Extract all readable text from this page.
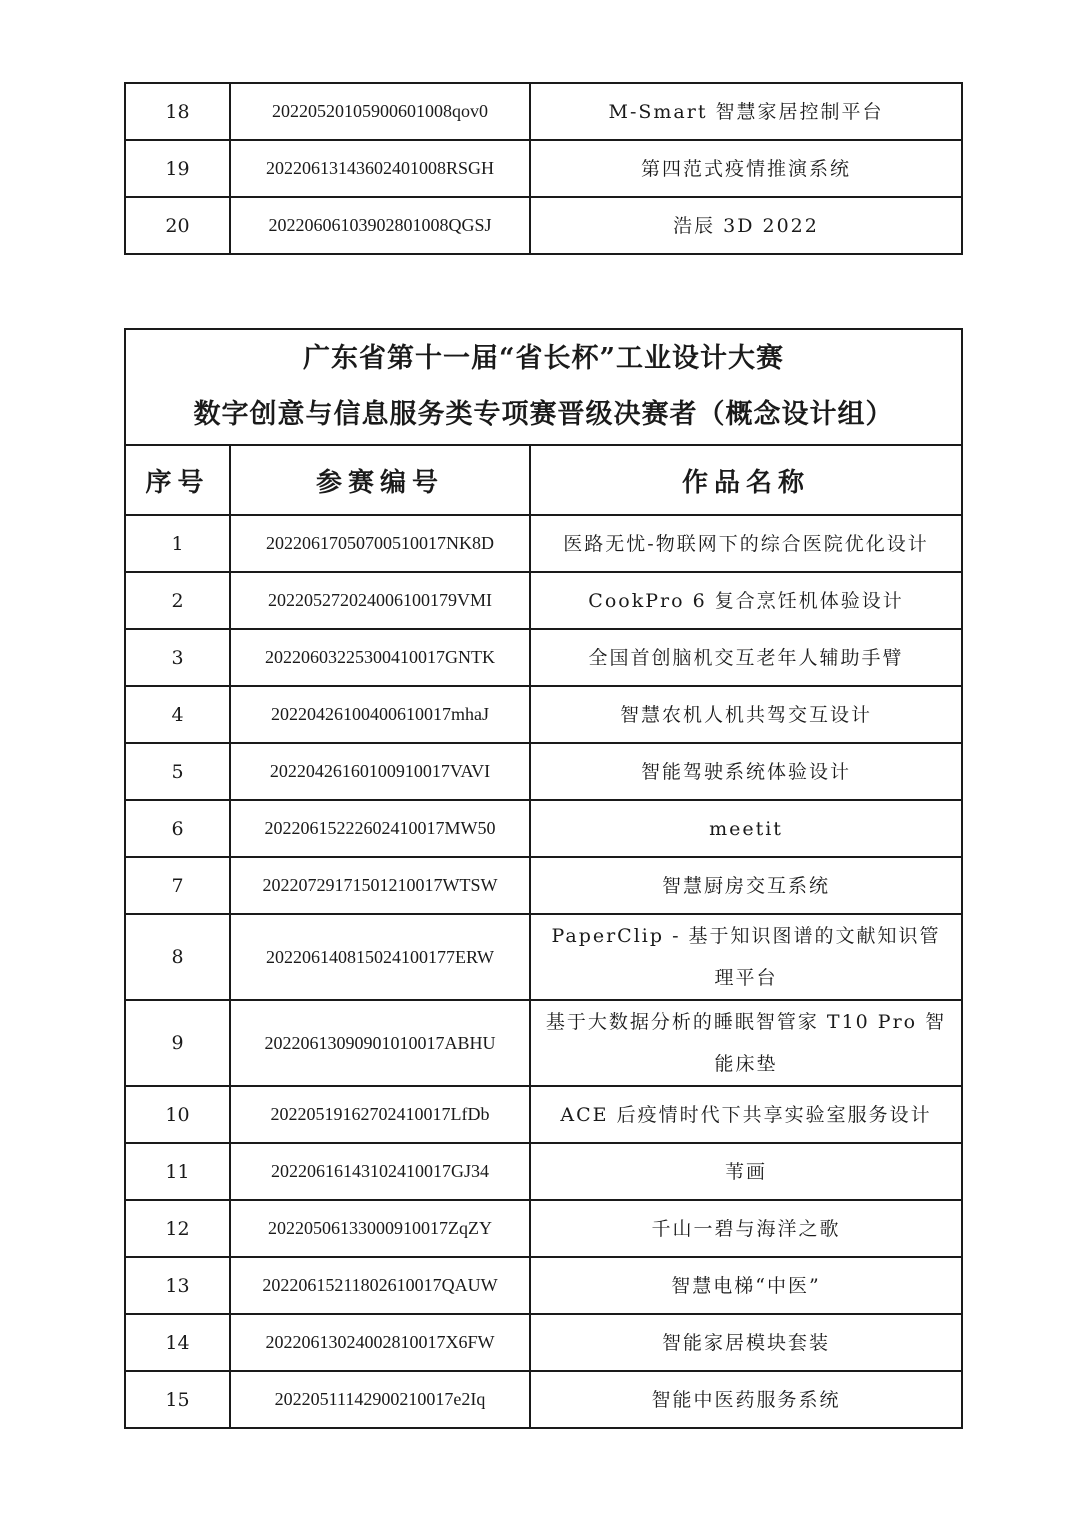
18	2022052010590060100​8qov0	M-Smart 智慧家居控制平台
19	20220613143602401008RSGH	第四范式疫情推演系统
20	20220606103902801008QGSJ	浩辰 3D 2022
广东省第十一届“省长杯”工业设计大赛
数字创意与信息服务类专项赛晋级决赛者（概念设计组）		

序号	参赛编号	作品名称
1	20220617050700510017NK8D	医路无忧-物联网下的综合医院优化设计
2	20220527202400610017​9VMI	CookPro 6 复合烹饪机体验设计
3	20220603225300410017GNTK	全国首创脑机交互老年人辅助手臂
4	20220426100400610017mhaJ	智慧农机人机共驾交互设计
5	20220426160100910017VAVI	智能驾驶系统体验设计
6	20220615222602410017MW50	meetit
7	20220729171501210017WTSW	智慧厨房交互系统
8	20220614081502410017​7ERW	PaperClip - 基于知识图谱的文献知识管理平台
9	20220613090901010017ABHU	基于大数据分析的睡眠智管家 T10 Pro 智能床垫
10	20220519162702410017LfDb	ACE 后疫情时代下共享实验室服务设计
11	20220616143102410017GJ34	苇画
12	20220506133000910017ZqZY	千山一碧与海洋之歌
13	20220615211802610017QAUW	智慧电梯“中医”
14	20220613024002810017X6FW	智能家居模块套装
15	20220511142900210017e2Iq	智能中医药服务系统
